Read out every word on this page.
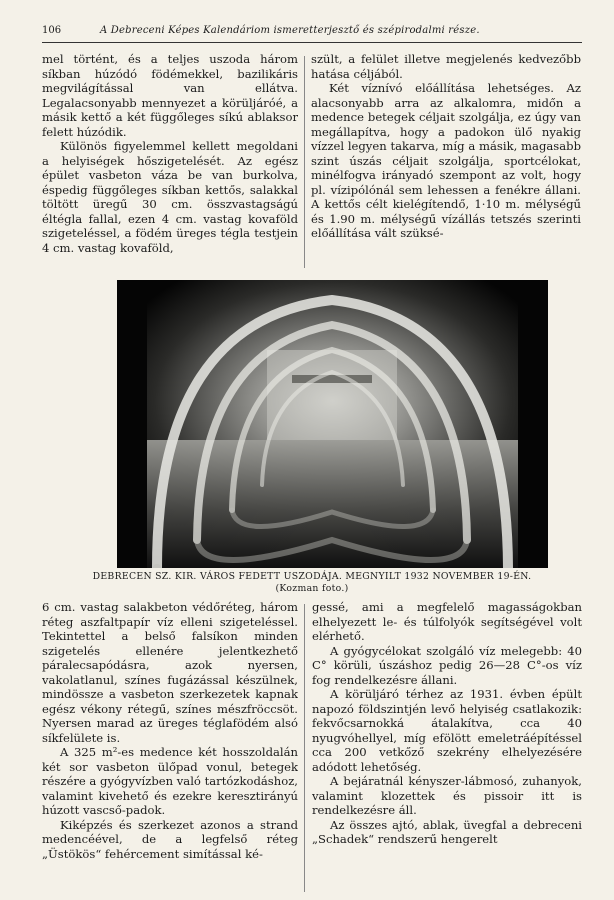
106	A Debreceni Képes Kalendáriom ismeretterjesztő és szépirodalmi része.

mel történt, és a teljes uszoda három síkban húzódó födémekkel, bazilikáris megvilágítással van ellátva. Legalacsonyabb mennyezet a körüljáróé, a másik kettő a két függőleges síkú ablaksor felett húzódik.

Különös figyelemmel kellett megoldani a helyiségek hőszigetelését. Az egész épület vasbeton váza be van burkolva, éspedig függőleges síkban kettős, salakkal töltött üregű 30 cm. összvastagságú éltégla fallal, ezen 4 cm. vastag kovaföld szigeteléssel, a födém üreges tégla testjein 4 cm. vastag kovaföld,

szült, a felület illetve megjelenés kedvezőbb hatása céljából.

Két víznívó előállítása lehetséges. Az alacsonyabb arra az alkalomra, midőn a medence betegek céljait szolgálja, ez úgy van megállapítva, hogy a padokon ülő nyakig vízzel legyen takarva, míg a másik, magasabb szint úszás céljait szolgálja, sportcélokat, minélfogva irányadó szempont az volt, hogy pl. vízipólónál sem lehessen a fenékre állani. A kettős célt kielégítendő, 1·10 m. mélységű és 1.90 m. mélységű vízállás tetszés szerinti előállítása vált szüksé-

DEBRECEN SZ. KIR. VÁROS FEDETT USZODÁJA. MEGNYILT 1932 NOVEMBER 19-ÉN.
(Kozman foto.)

6 cm. vastag salakbeton védőréteg, három réteg aszfaltpapír víz elleni szigeteléssel. Tekintettel a belső falsíkon minden szigetelés ellenére jelentkezhető páralecsapódásra, azok nyersen, vakolatlanul, színes fugázással készülnek, mindössze a vasbeton szerkezetek kapnak egész vékony rétegű, színes mészfröccsöt. Nyersen marad az üreges téglafödém alsó síkfelülete is.

A 325 m²-es medence két hosszoldalán két sor vasbeton ülőpad vonul, betegek részére a gyógyvízben való tartózkodáshoz, valamint kivehető és ezekre keresztirányú húzott vascső-padok.

Kiképzés és szerkezet azonos a strand medencéével, de a legfelső réteg „Üstökös“ fehércement simítással ké-

gessé, ami a megfelelő magasságokban elhelyezett le- és túlfolyók segítségével volt elérhető.

A gyógycélokat szolgáló víz melegebb: 40 C° körüli, úszáshoz pedig 26—28 C°-os víz fog rendelkezésre állani.

A körüljáró térhez az 1931. évben épült napozó földszintjén levő helyiség csatlakozik: fekvőcsarnokká átalakítva, cca 40 nyugvóhellyel, míg efölött emeletráépítéssel cca 200 vetkőző szekrény elhelyezésére adódott lehetőség.

A bejáratnál kényszer-lábmosó, zuhanyok, valamint klozettek és pissoir itt is rendelkezésre áll.

Az összes ajtó, ablak, üvegfal a debreceni „Schadek“ rendszerű hengerelt
